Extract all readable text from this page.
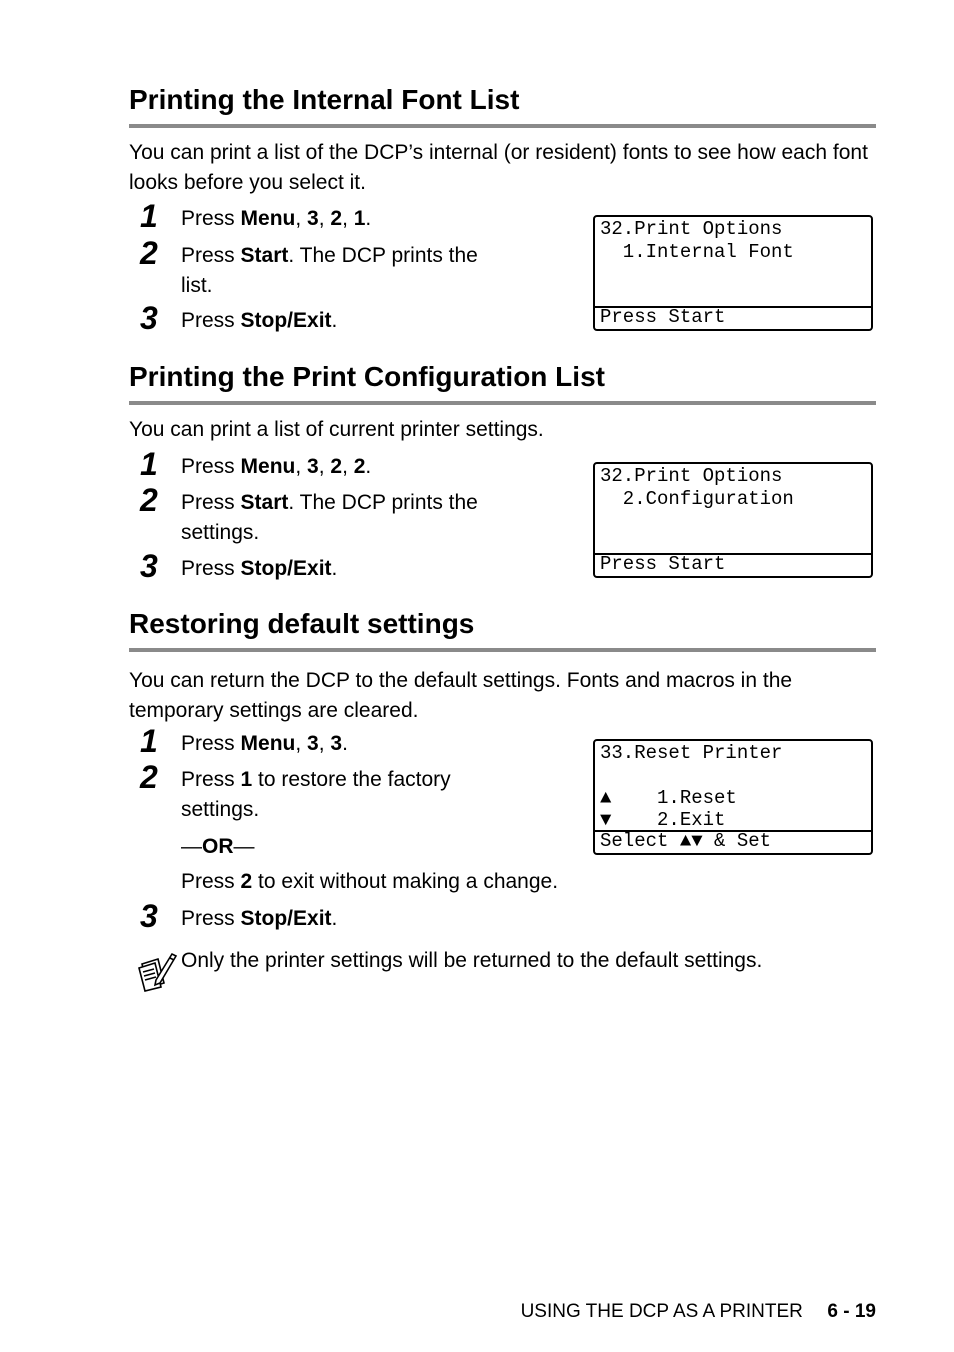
Printing the Internal Font List

You can print a list of the DCP’s internal (or resident) fonts to see how each font looks before you select it.

1 Press Menu, 3, 2, 1.
2 Press Start. The DCP prints the
list.
3 Press Stop/Exit.
32.Print Options
1.Internal Font
Press Start
Printing the Print Configuration List

You can print a list of current printer settings.

1 Press Menu, 3, 2, 2.
2 Press Start. The DCP prints the
settings.
3 Press Stop/Exit.
32.Print Options
2.Configuration
Press Start
Restoring default settings

You can return the DCP to the default settings. Fonts and macros in the temporary settings are cleared.

1 Press Menu, 3, 3.
2 Press 1 to restore the factory
settings.
—OR—
Press 2 to exit without making a change.
3 Press Stop/Exit.
33.Reset Printer
▲    1.Reset
▼    2.Exit
Select ▲▼ & Set
Only the printer settings will be returned to the default settings.
USING THE DCP AS A PRINTER 6 - 19
